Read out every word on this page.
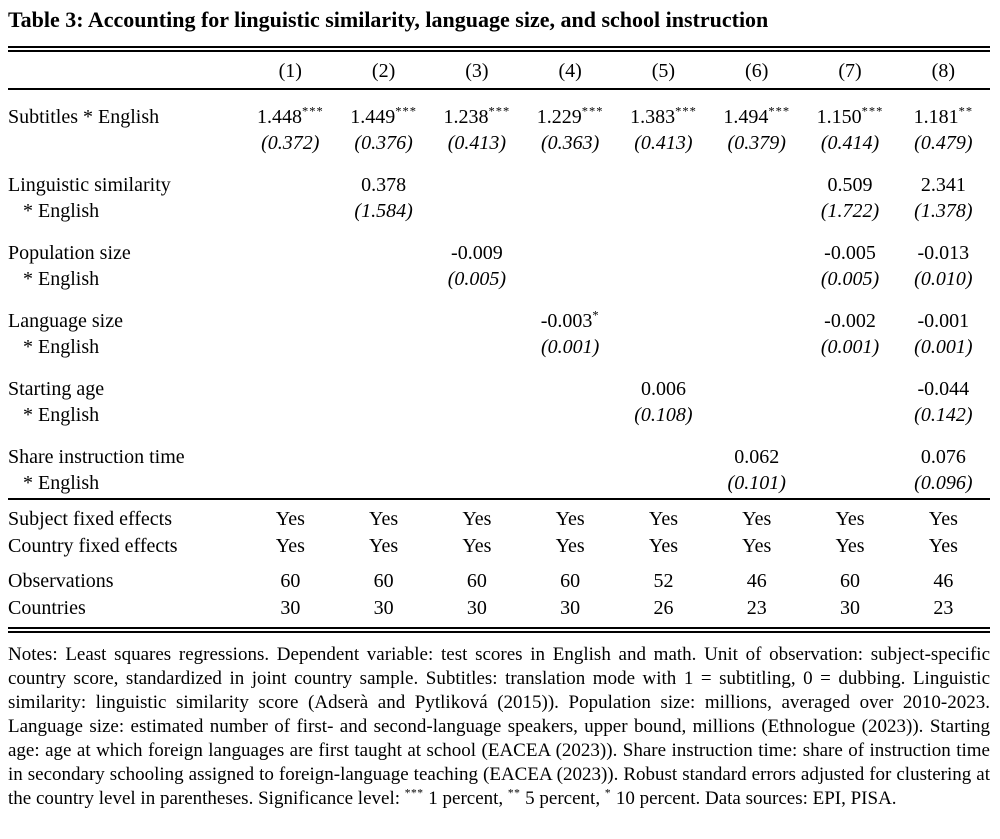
Table 3: Accounting for linguistic similarity, language size, and school instruction
	(1)	(2)	(3)	(4)	(5)	(6)	(7)	(8)
Subtitles * English	1.448***	1.449***	1.238***	1.229***	1.383***	1.494***	1.150***	1.181**
	(0.372)	(0.376)	(0.413)	(0.363)	(0.413)	(0.379)	(0.414)	(0.479)
Linguistic similarity		0.378					0.509	2.341
* English		(1.584)					(1.722)	(1.378)
Population size			-0.009				-0.005	-0.013
* English			(0.005)				(0.005)	(0.010)
Language size				-0.003*			-0.002	-0.001
* English				(0.001)			(0.001)	(0.001)
Starting age					0.006			-0.044
* English					(0.108)			(0.142)
Share instruction time						0.062		0.076
* English						(0.101)		(0.096)
Subject fixed effects	Yes	Yes	Yes	Yes	Yes	Yes	Yes	Yes
Country fixed effects	Yes	Yes	Yes	Yes	Yes	Yes	Yes	Yes
Observations	60	60	60	60	52	46	60	46
Countries	30	30	30	30	26	23	30	23

Notes: Least squares regressions. Dependent variable: test scores in English and math. Unit of observation: subject-specific country score, standardized in joint country sample. Subtitles: translation mode with 1 = subtitling, 0 = dubbing. Linguistic similarity: linguistic similarity score (Adserà and Pytliková (2015)). Population size: millions, averaged over 2010-2023. Language size: estimated number of first- and second-language speakers, upper bound, millions (Ethnologue (2023)). Starting age: age at which foreign languages are first taught at school (EACEA (2023)). Share instruction time: share of instruction time in secondary schooling assigned to foreign-language teaching (EACEA (2023)). Robust standard errors adjusted for clustering at the country level in parentheses. Significance level: *** 1 percent, ** 5 percent, * 10 percent. Data sources: EPI, PISA.
